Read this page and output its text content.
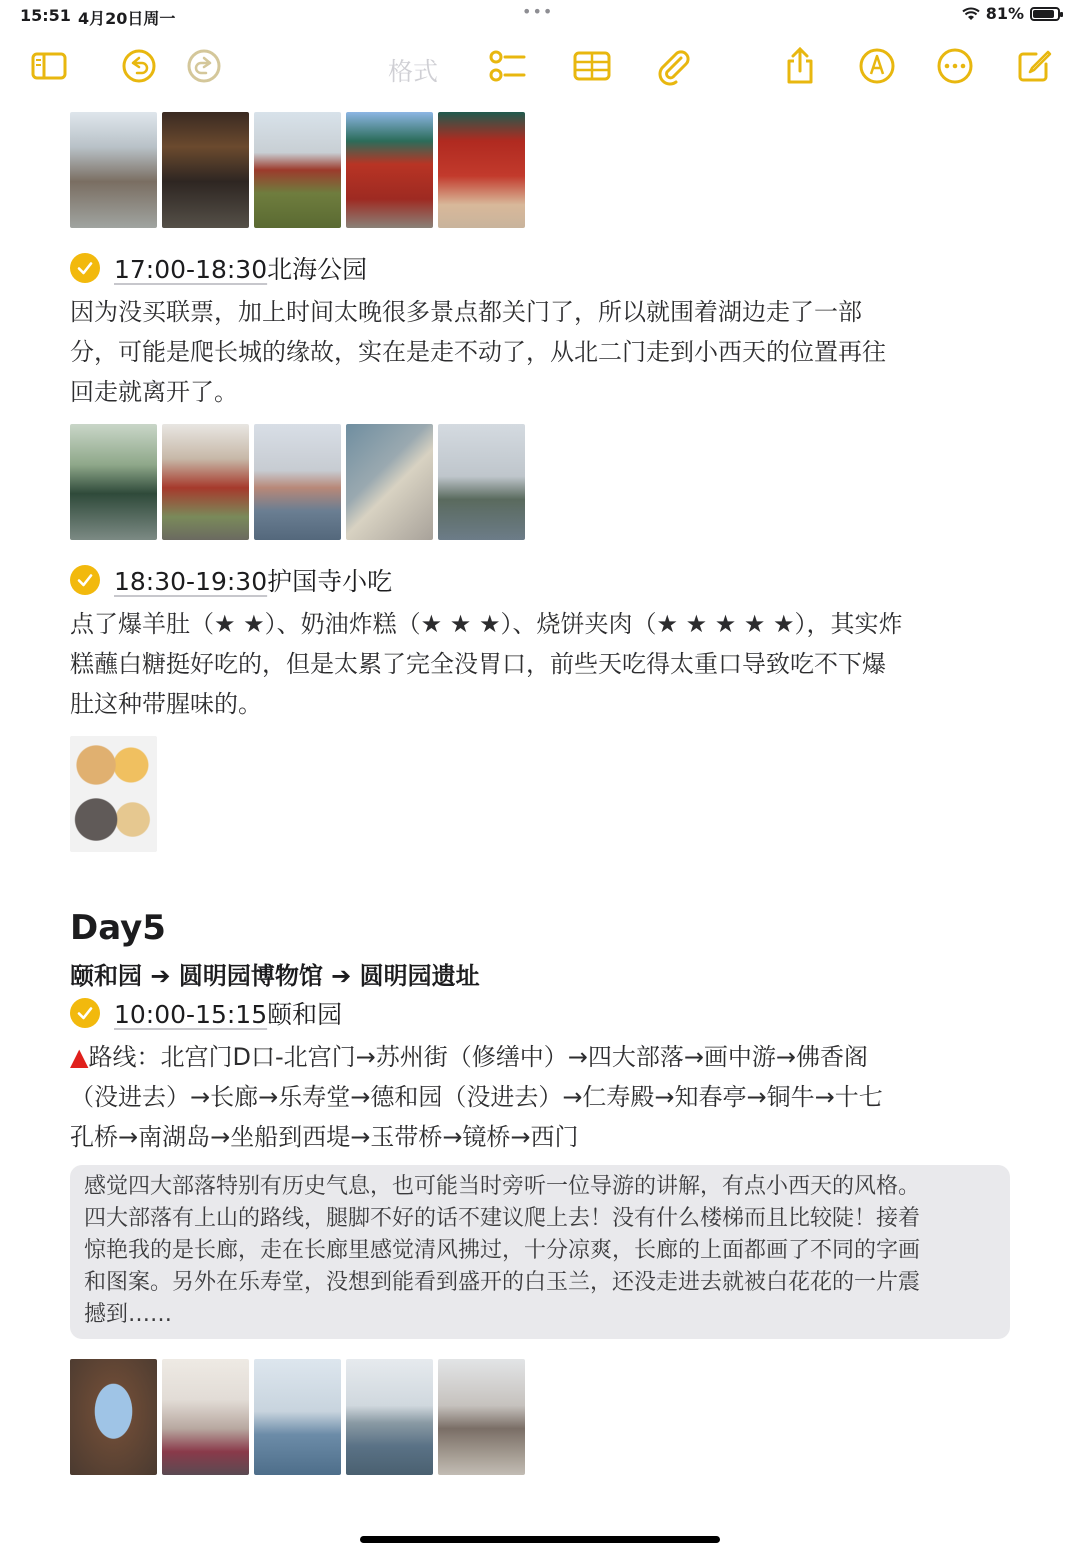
15:51 4月20日周一	•••	81%
格式
17:00-18:30北海公园
因为没买联票，加上时间太晚很多景点都关门了，所以就围着湖边走了一部
分，可能是爬长城的缘故，实在是走不动了，从北二门走到小西天的位置再往
回走就离开了。
18:30-19:30护国寺小吃
点了爆羊肚（★ ★）、奶油炸糕（★ ★ ★）、烧饼夹肉（★ ★ ★ ★ ★），其实炸
糕蘸白糖挺好吃的，但是太累了完全没胃口，前些天吃得太重口导致吃不下爆
肚这种带腥味的。
Day5
颐和园 ➔ 圆明园博物馆 ➔ 圆明园遗址
10:00-15:15颐和园
▲路线：北宫门D口-北宫门→苏州街（修缮中）→四大部落→画中游→佛香阁
（没进去）→长廊→乐寿堂→德和园（没进去）→仁寿殿→知春亭→铜牛→十七
孔桥→南湖岛→坐船到西堤→玉带桥→镜桥→西门
感觉四大部落特别有历史气息，也可能当时旁听一位导游的讲解，有点小西天的风格。
四大部落有上山的路线，腿脚不好的话不建议爬上去！没有什么楼梯而且比较陡！接着
惊艳我的是长廊，走在长廊里感觉清风拂过，十分凉爽，长廊的上面都画了不同的字画
和图案。另外在乐寿堂，没想到能看到盛开的白玉兰，还没走进去就被白花花的一片震
撼到……
